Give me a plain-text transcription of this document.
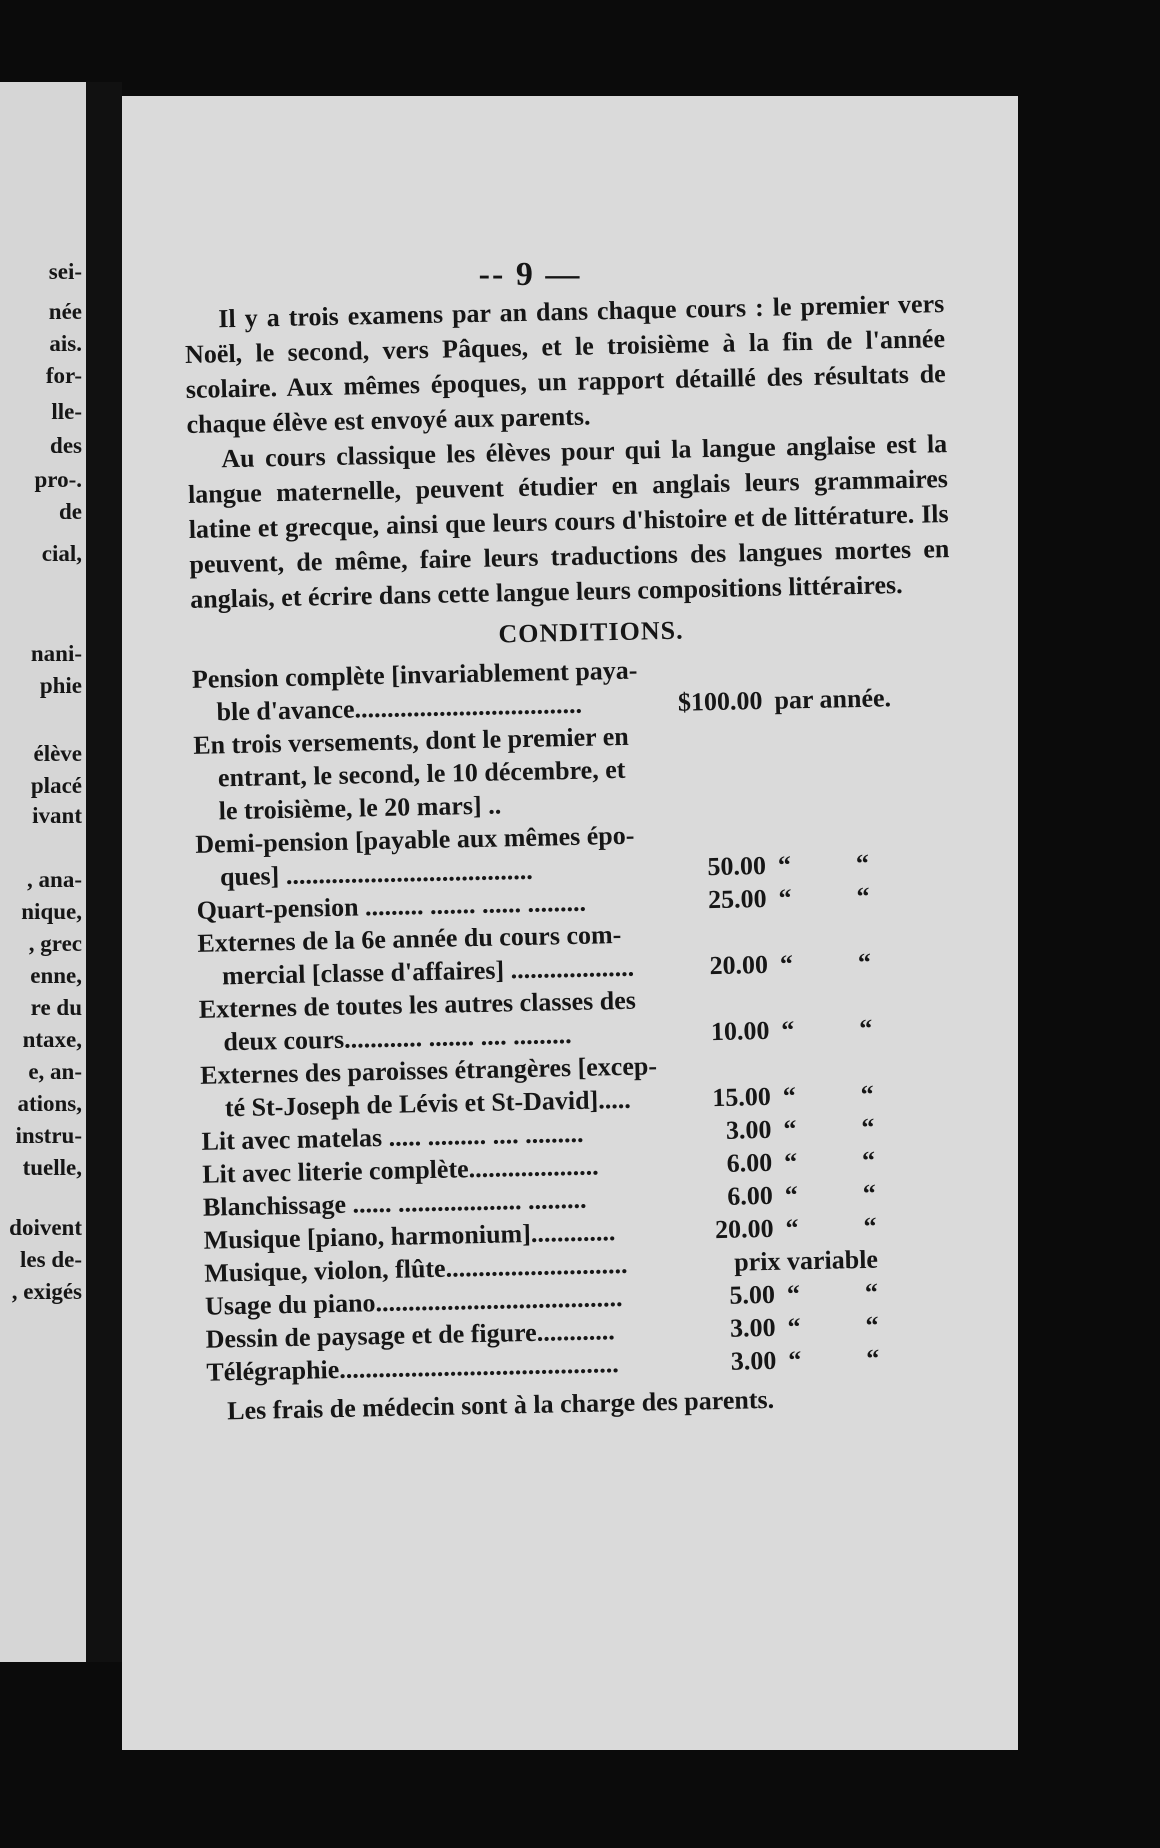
sei-
née
ais.
for-
lle-
des
pro-.
de
cial,
nani-
phie
élève
placé
ivant
, ana-
nique,
, grec
enne,
re du
ntaxe,
e, an-
ations,
instru-
tuelle,
doivent
les de-
, exigés
-- 9 —

Il y a trois examens par an dans chaque cours : le premier vers Noël, le second, vers Pâques, et le troisième à la fin de l'année scolaire. Aux mêmes époques, un rapport détaillé des résultats de chaque élève est envoyé aux parents.

Au cours classique les élèves pour qui la langue anglaise est la langue maternelle, peuvent étudier en anglais leurs grammaires latine et grecque, ainsi que leurs cours d'histoire et de littérature. Ils peuvent, de même, faire leurs traductions des langues mortes en anglais, et écrire dans cette langue leurs compositions littéraires.

CONDITIONS.
Pension complète [invariablement paya-
ble d'avance...................................	$100.00 par année.
En trois versements, dont le premier en
entrant, le second, le 10 décembre, et
le troisième, le 20 mars] ..
Demi-pension [payable aux mêmes épo-
ques] ......................................	50.00 “ “
Quart-pension ......... ....... ...... .........	25.00 “ “
Externes de la 6e année du cours com-
mercial [classe d'affaires] ...................	20.00 “ “
Externes de toutes les autres classes des
deux cours............ ....... .... .........	10.00 “ “
Externes des paroisses étrangères [excep-
té St-Joseph de Lévis et St-David].....	15.00 “ “
Lit avec matelas ..... ......... .... .........	3.00 “ “
Lit avec literie complète....................	6.00 “ “
Blanchissage ...... ................... .........	6.00 “ “
Musique [piano, harmonium].............	20.00 “ “
Musique, violon, flûte............................	prix variable
Usage du piano......................................	5.00 “ “
Dessin de paysage et de figure............	3.00 “ “
Télégraphie...........................................	3.00 “ “
Les frais de médecin sont à la charge des parents.
